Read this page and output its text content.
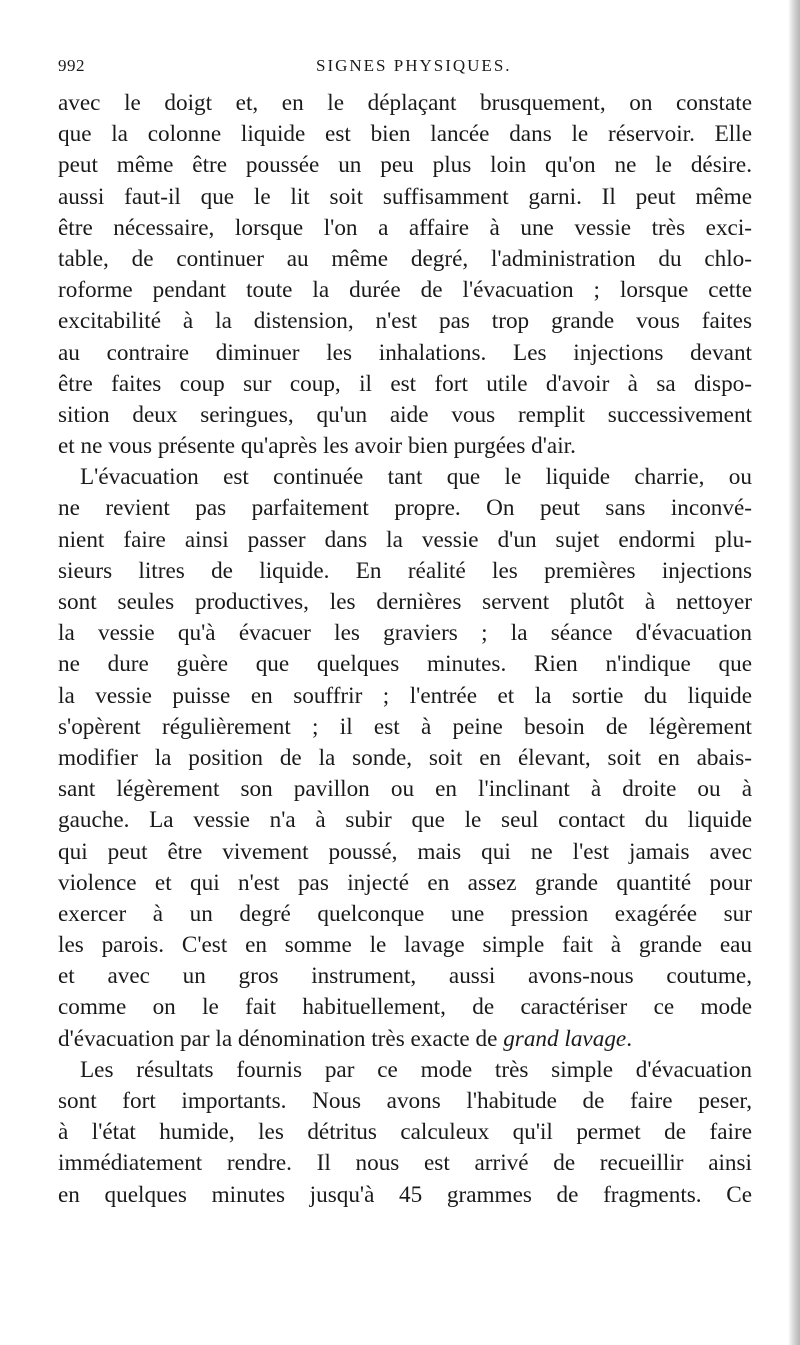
992	SIGNES PHYSIQUES.
avec le doigt et, en le déplaçant brusquement, on constate
que la colonne liquide est bien lancée dans le réservoir. Elle
peut même être poussée un peu plus loin qu'on ne le désire.
aussi faut-il que le lit soit suffisamment garni. Il peut même
être nécessaire, lorsque l'on a affaire à une vessie très exci-
table, de continuer au même degré, l'administration du chlo-
roforme pendant toute la durée de l'évacuation ; lorsque cette
excitabilité à la distension, n'est pas trop grande vous faites
au contraire diminuer les inhalations. Les injections devant
être faites coup sur coup, il est fort utile d'avoir à sa dispo-
sition deux seringues, qu'un aide vous remplit successivement
et ne vous présente qu'après les avoir bien purgées d'air.
L'évacuation est continuée tant que le liquide charrie, ou
ne revient pas parfaitement propre. On peut sans inconvé-
nient faire ainsi passer dans la vessie d'un sujet endormi plu-
sieurs litres de liquide. En réalité les premières injections
sont seules productives, les dernières servent plutôt à nettoyer
la vessie qu'à évacuer les graviers ; la séance d'évacuation
ne dure guère que quelques minutes. Rien n'indique que
la vessie puisse en souffrir ; l'entrée et la sortie du liquide
s'opèrent régulièrement ; il est à peine besoin de légèrement
modifier la position de la sonde, soit en élevant, soit en abais-
sant légèrement son pavillon ou en l'inclinant à droite ou à
gauche. La vessie n'a à subir que le seul contact du liquide
qui peut être vivement poussé, mais qui ne l'est jamais avec
violence et qui n'est pas injecté en assez grande quantité pour
exercer à un degré quelconque une pression exagérée sur
les parois. C'est en somme le lavage simple fait à grande eau
et avec un gros instrument, aussi avons-nous coutume,
comme on le fait habituellement, de caractériser ce mode
d'évacuation par la dénomination très exacte de grand lavage.
Les résultats fournis par ce mode très simple d'évacuation
sont fort importants. Nous avons l'habitude de faire peser,
à l'état humide, les détritus calculeux qu'il permet de faire
immédiatement rendre. Il nous est arrivé de recueillir ainsi
en quelques minutes jusqu'à 45 grammes de fragments. Ce
